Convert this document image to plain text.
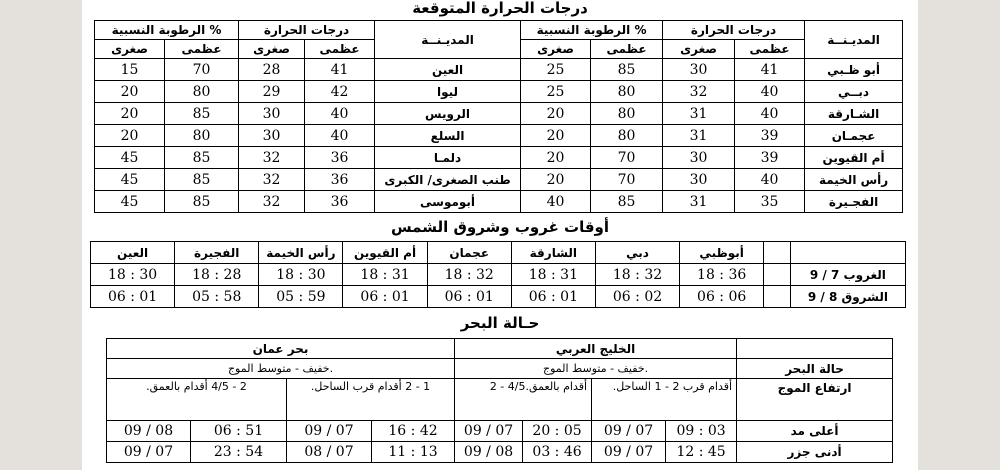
درجات الحرارة المتوقعة
الرطوبة النسبية %		درجات الحرارة		المديـنــة	الرطوبة النسبية %		درجات الحرارة		المديـنــة
صغرى	عظمى	صغرى	عظمى		صغرى	عظمى	صغرى	عظمى	
15	70	28	41	العين	25	85	30	41	أبو ظـبي
20	80	29	42	ليوا	25	80	32	40	دبــي
20	85	30	40	الرويس	20	80	31	40	الشـارقة
20	80	30	40	السلع	20	80	31	39	عجمـان
45	85	32	36	دلمـا	20	70	30	39	أم القيوين
45	85	32	36	طنب الصغرى/ الكبرى	20	70	30	40	رأس الخيمة
45	85	32	36	أبوموسى	40	85	31	35	الفجـيرة
أوقات غروب وشروق الشمس
العين	الفجيرة	رأس الخيمة	أم القيوين	عجمان	الشارقة	دبي	أبوظبي		
18 : 30	18 : 28	18 : 30	18 : 31	18 : 32	18 : 31	18 : 32	18 : 36		الغروب 7 / 9
06 : 01	05 : 58	05 : 59	06 : 01	06 : 01	06 : 01	06 : 02	06 : 06		الشروق 8 / 9
حـالة البحر
بحر عمان				الخليج العربي				
خفيف - متوسط الموج.				خفيف - متوسط الموج.				حالة البحر
2 - 4/5 أقدام بالعمق.		1 - 2 أقدام قرب الساحل.		أقدام بالعمق.4/5 - 2		أقدام قرب 2 - 1 الساحل.		ارتفاع الموج
09 / 08	06 : 51	09 / 07	16 : 42	09 / 07	20 : 05	09 / 07	09 : 03	أعلى مد
09 / 07	23 : 54	08 / 07	11 : 13	09 / 08	03 : 46	09 / 07	12 : 45	أدنى جزر
